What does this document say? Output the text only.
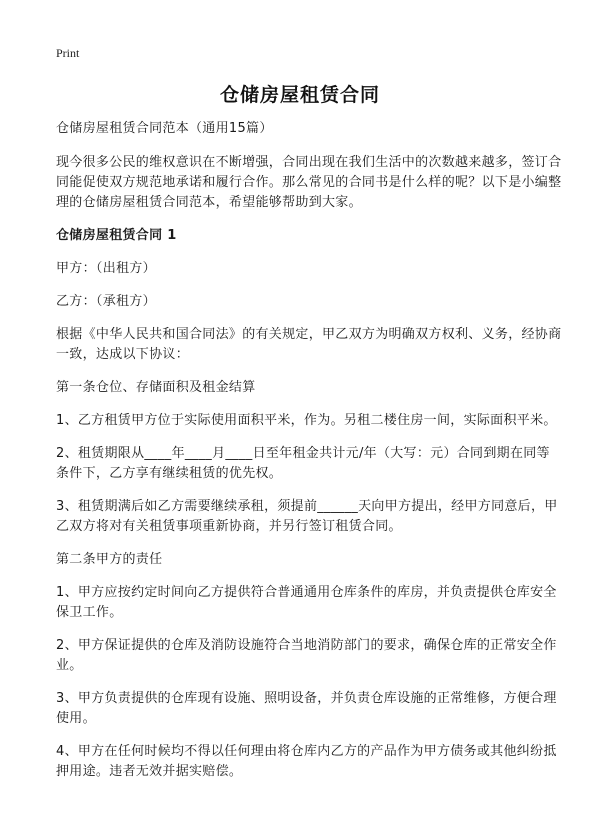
Print
仓储房屋租赁合同

仓储房屋租赁合同范本（通用15篇）

现今很多公民的维权意识在不断增强，合同出现在我们生活中的次数越来越多，签订合同能促使双方规范地承诺和履行合作。那么常见的合同书是什么样的呢？以下是小编整理的仓储房屋租赁合同范本，希望能够帮助到大家。

仓储房屋租赁合同 1

甲方：（出租方）

乙方：（承租方）

根据《中华人民共和国合同法》的有关规定，甲乙双方为明确双方权利、义务，经协商一致，达成以下协议：

第一条仓位、存储面积及租金结算

1、乙方租赁甲方位于实际使用面积平米，作为。另租二楼住房一间，实际面积平米。

2、租赁期限从____年____月____日至年租金共计元/年（大写：元）合同到期在同等条件下，乙方享有继续租赁的优先权。

3、租赁期满后如乙方需要继续承租，须提前______天向甲方提出，经甲方同意后，甲乙双方将对有关租赁事项重新协商，并另行签订租赁合同。

第二条甲方的责任

1、甲方应按约定时间向乙方提供符合普通通用仓库条件的库房，并负责提供仓库安全保卫工作。

2、甲方保证提供的仓库及消防设施符合当地消防部门的要求，确保仓库的正常安全作业。

3、甲方负责提供的仓库现有设施、照明设备，并负责仓库设施的正常维修，方便合理使用。

4、甲方在任何时候均不得以任何理由将仓库内乙方的产品作为甲方债务或其他纠纷抵押用途。违者无效并据实赔偿。
